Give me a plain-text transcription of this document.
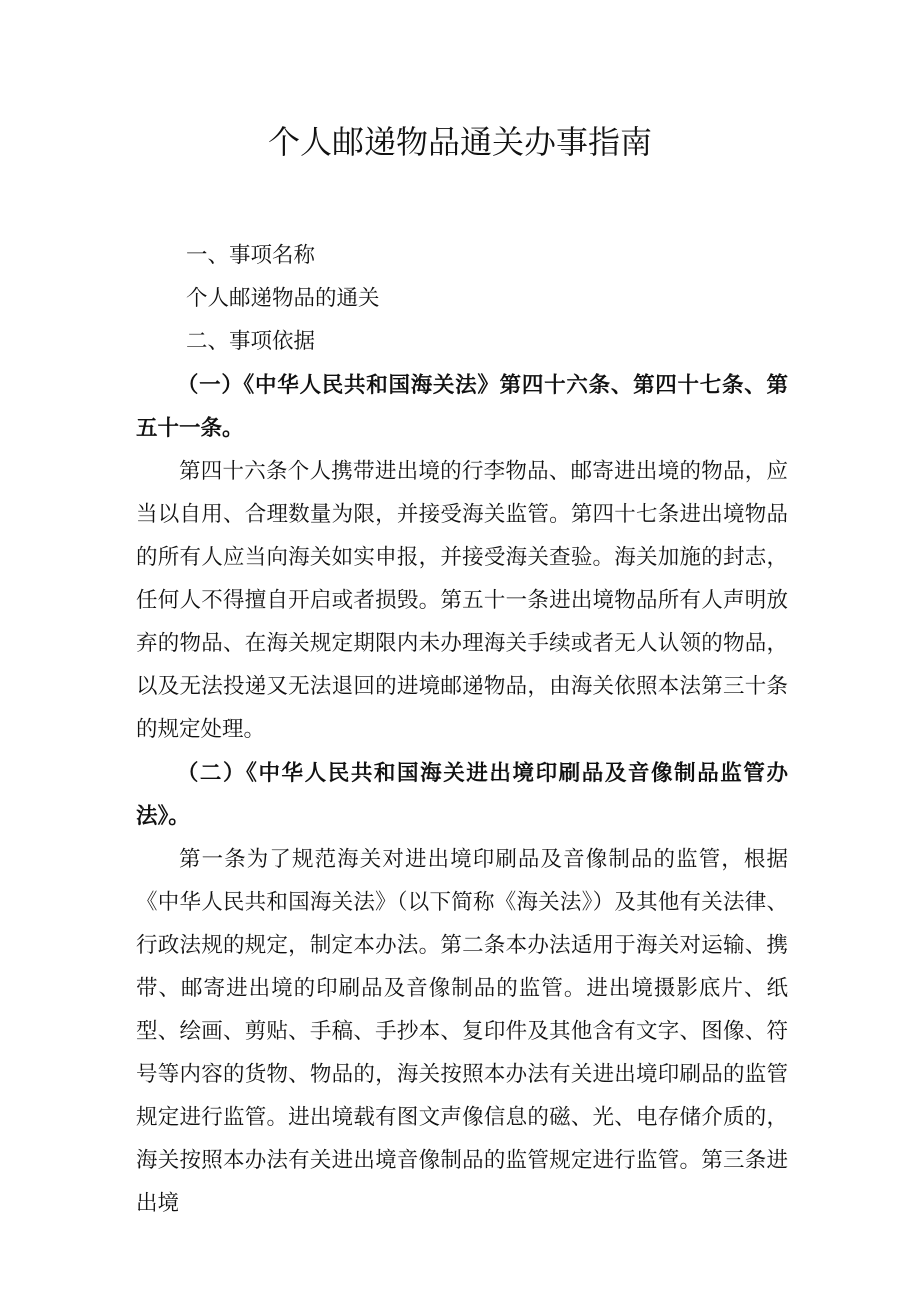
个人邮递物品通关办事指南

一、事项名称

个人邮递物品的通关

二、事项依据

（一）《中华人民共和国海关法》第四十六条、第四十七条、第五十一条。

第四十六条个人携带进出境的行李物品、邮寄进出境的物品，应当以自用、合理数量为限，并接受海关监管。第四十七条进出境物品的所有人应当向海关如实申报，并接受海关查验。海关加施的封志，任何人不得擅自开启或者损毁。第五十一条进出境物品所有人声明放弃的物品、在海关规定期限内未办理海关手续或者无人认领的物品，以及无法投递又无法退回的进境邮递物品，由海关依照本法第三十条的规定处理。

（二）《中华人民共和国海关进出境印刷品及音像制品监管办法》。

第一条为了规范海关对进出境印刷品及音像制品的监管，根据《中华人民共和国海关法》（以下简称《海关法》）及其他有关法律、行政法规的规定，制定本办法。第二条本办法适用于海关对运输、携带、邮寄进出境的印刷品及音像制品的监管。进出境摄影底片、纸型、绘画、剪贴、手稿、手抄本、复印件及其他含有文字、图像、符号等内容的货物、物品的，海关按照本办法有关进出境印刷品的监管规定进行监管。进出境载有图文声像信息的磁、光、电存储介质的，海关按照本办法有关进出境音像制品的监管规定进行监管。第三条进出境
